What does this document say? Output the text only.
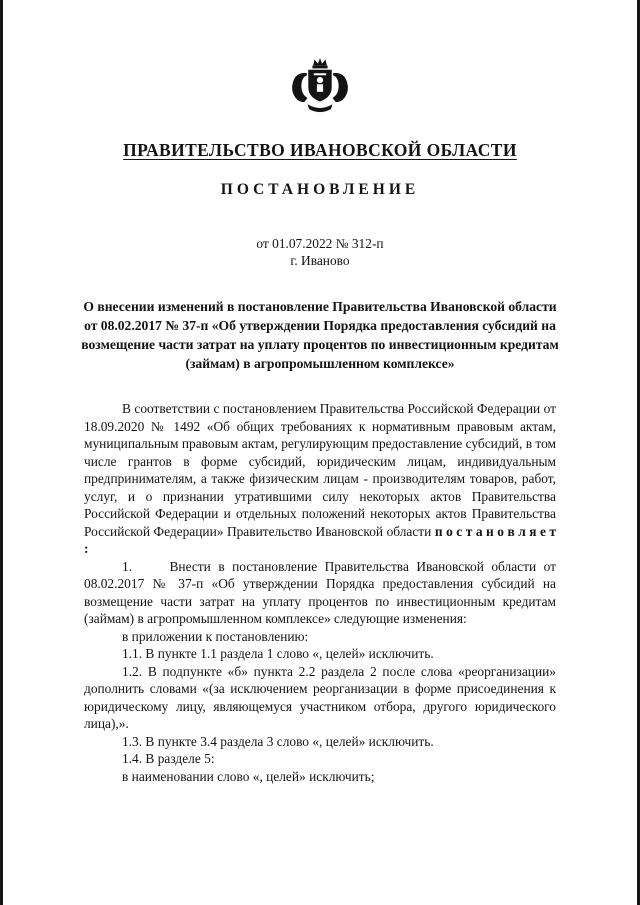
ПРАВИТЕЛЬСТВО ИВАНОВСКОЙ ОБЛАСТИ
ПОСТАНОВЛЕНИЕ
от 01.07.2022 № 312-п
г. Иваново
О внесении изменений в постановление Правительства Ивановской области от 08.02.2017 № 37-п «Об утверждении Порядка предоставления субсидий на возмещение части затрат на уплату процентов по инвестиционным кредитам (займам) в агропромышленном комплексе»

В соответствии с постановлением Правительства Российской Федерации от 18.09.2020 № 1492 «Об общих требованиях к нормативным правовым актам, муниципальным правовым актам, регулирующим предоставление субсидий, в том числе грантов в форме субсидий, юридическим лицам, индивидуальным предпринимателям, а также физическим лицам - производителям товаров, работ, услуг, и о признании утратившими силу некоторых актов Правительства Российской Федерации и отдельных положений некоторых актов Правительства Российской Федерации» Правительство Ивановской области п о с т а н о в л я е т :

1.     Внести в постановление Правительства Ивановской области от 08.02.2017 № 37-п «Об утверждении Порядка предоставления субсидий на возмещение части затрат на уплату процентов по инвестиционным кредитам (займам) в агропромышленном комплексе» следующие изменения:

в приложении к постановлению:

1.1. В пункте 1.1 раздела 1 слово «, целей» исключить.

1.2. В подпункте «б» пункта 2.2 раздела 2 после слова «реорганизации» дополнить словами «(за исключением реорганизации в форме присоединения к юридическому лицу, являющемуся участником отбора, другого юридического лица),».

1.3. В пункте 3.4 раздела 3 слово «, целей» исключить.

1.4. В разделе 5:

в наименовании слово «, целей» исключить;
